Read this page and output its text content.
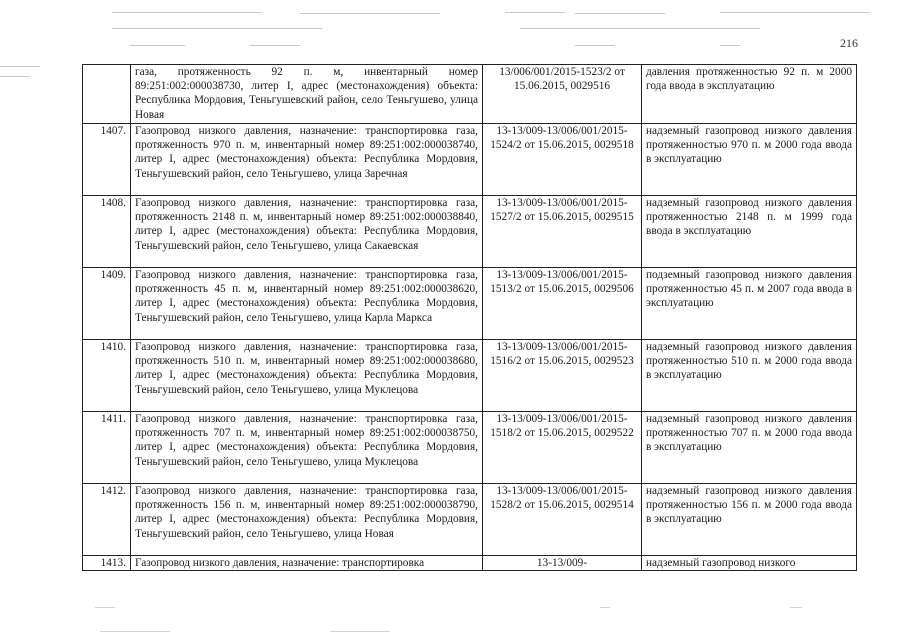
216
	газа, протяженность 92 п. м, инвентарный номер 89:251:002:000038730, литер I, адрес (местонахождения) объекта: Республика Мордовия, Теньгушевский район, село Теньгушево, улица Новая	13/006/001/2015-1523/2 от 15.06.2015, 0029516	давления протяженностью 92 п. м 2000 года ввода в эксплуатацию
1407.	Газопровод низкого давления, назначение: транспортировка газа, протяженность 970 п. м, инвентарный номер 89:251:002:000038740, литер I, адрес (местонахождения) объекта: Республика Мордовия, Теньгушевский район, село Теньгушево, улица Заречная	13-13/009-13/006/001/2015-1524/2 от 15.06.2015, 0029518	надземный газопровод низкого давления протяженностью 970 п. м 2000 года ввода в эксплуатацию
1408.	Газопровод низкого давления, назначение: транспортировка газа, протяженность 2148 п. м, инвентарный номер 89:251:002:000038840, литер I, адрес (местонахождения) объекта: Республика Мордовия, Теньгушевский район, село Теньгушево, улица Сакаевская	13-13/009-13/006/001/2015-1527/2 от 15.06.2015, 0029515	надземный газопровод низкого давления протяженностью 2148 п. м 1999 года ввода в эксплуатацию
1409.	Газопровод низкого давления, назначение: транспортировка газа, протяженность 45 п. м, инвентарный номер 89:251:002:000038620, литер I, адрес (местонахождения) объекта: Республика Мордовия, Теньгушевский район, село Теньгушево, улица Карла Маркса	13-13/009-13/006/001/2015-1513/2 от 15.06.2015, 0029506	подземный газопровод низкого давления протяженностью 45 п. м 2007 года ввода в эксплуатацию
1410.	Газопровод низкого давления, назначение: транспортировка газа, протяженность 510 п. м, инвентарный номер 89:251:002:000038680, литер I, адрес (местонахождения) объекта: Республика Мордовия, Теньгушевский район, село Теньгушево, улица Муклецова	13-13/009-13/006/001/2015-1516/2 от 15.06.2015, 0029523	надземный газопровод низкого давления протяженностью 510 п. м 2000 года ввода в эксплуатацию
1411.	Газопровод низкого давления, назначение: транспортировка газа, протяженность 707 п. м, инвентарный номер 89:251:002:000038750, литер I, адрес (местонахождения) объекта: Республика Мордовия, Теньгушевский район, село Теньгушево, улица Муклецова	13-13/009-13/006/001/2015-1518/2 от 15.06.2015, 0029522	надземный газопровод низкого давления протяженностью 707 п. м 2000 года ввода в эксплуатацию
1412.	Газопровод низкого давления, назначение: транспортировка газа, протяженность 156 п. м, инвентарный номер 89:251:002:000038790, литер I, адрес (местонахождения) объекта: Республика Мордовия, Теньгушевский район, село Теньгушево, улица Новая	13-13/009-13/006/001/2015-1528/2 от 15.06.2015, 0029514	надземный газопровод низкого давления протяженностью 156 п. м 2000 года ввода в эксплуатацию
1413.	Газопровод низкого давления, назначение: транспортировка	13-13/009-	надземный газопровод низкого
